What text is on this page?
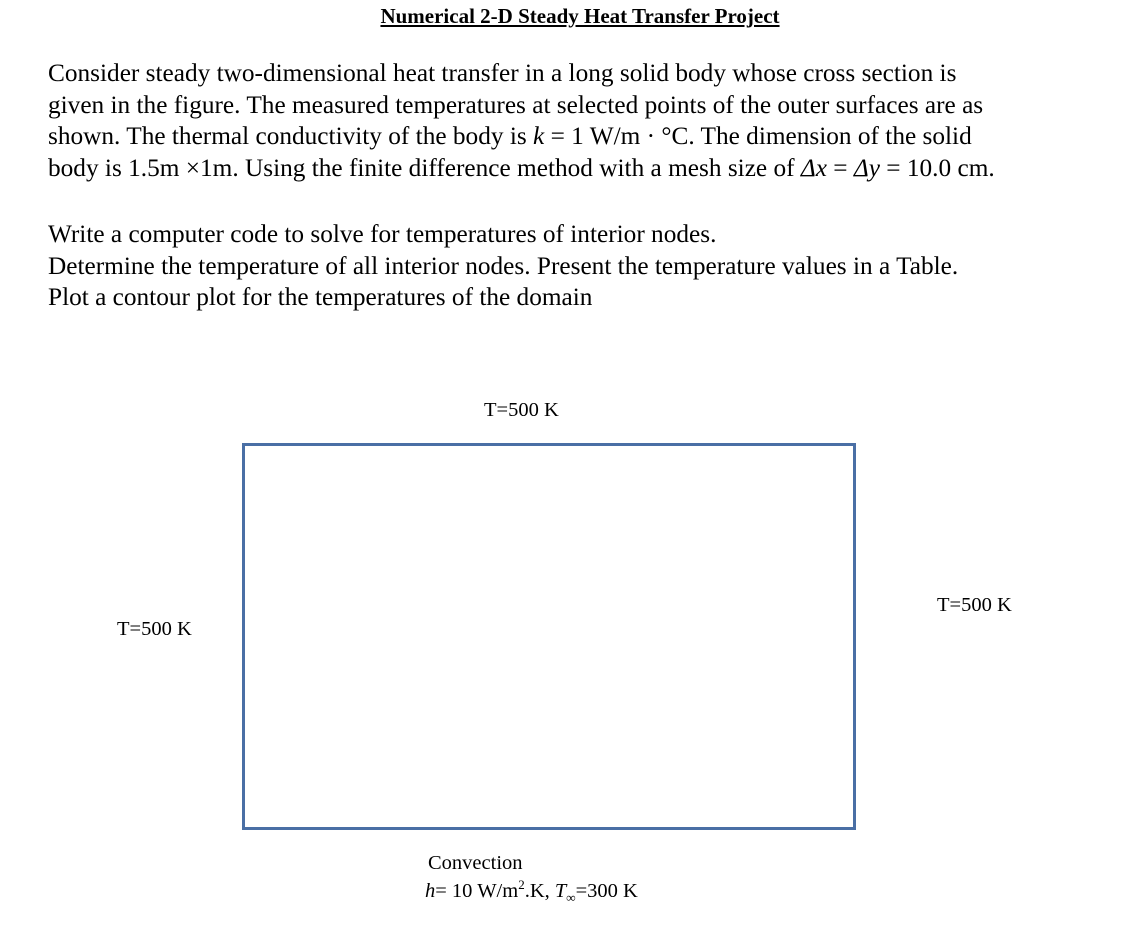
Numerical 2-D Steady Heat Transfer Project

Consider steady two-dimensional heat transfer in a long solid body whose cross section is
given in the figure. The measured temperatures at selected points of the outer surfaces are as
shown. The thermal conductivity of the body is k = 1 W/m · °C. The dimension of the solid
body is 1.5m ×1m. Using the finite difference method with a mesh size of Δx = Δy = 10.0 cm.

Write a computer code to solve for temperatures of interior nodes.
Determine the temperature of all interior nodes. Present the temperature values in a Table.
Plot a contour plot for the temperatures of the domain

T=500 K
T=500 K
T=500 K
Convection
h= 10 $W/m^2.K$, $T_\infty=300$ K
